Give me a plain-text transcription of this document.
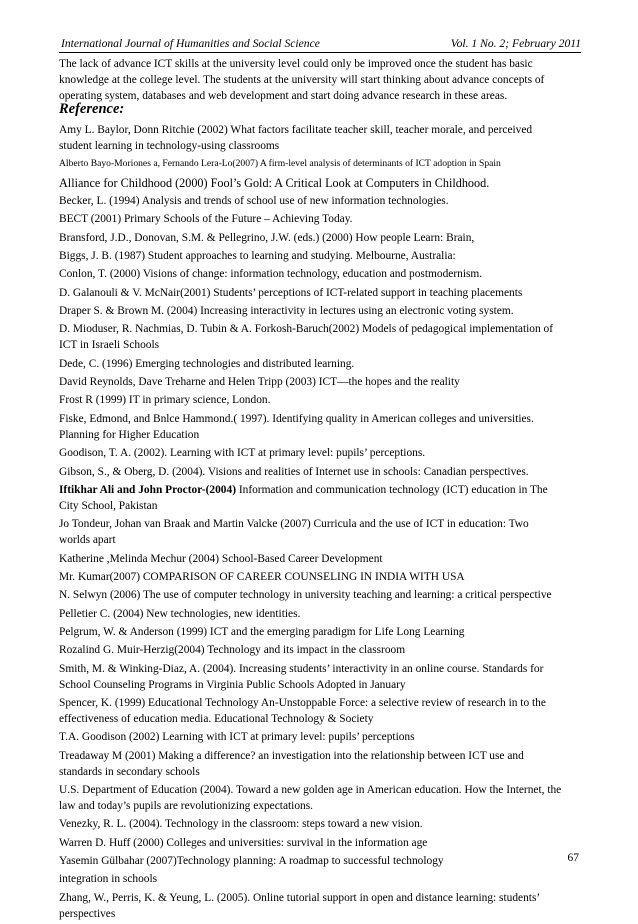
International Journal of Humanities and Social Science	Vol. 1 No. 2; February 2011
The lack of advance ICT skills at the university level could only be improved once the student has basic
knowledge at the college level. The students at the university will start thinking about advance concepts of
operating system, databases and web development and start doing advance research in these areas.
Reference:
Amy L. Baylor, Donn Ritchie (2002) What factors facilitate teacher skill, teacher morale, and perceived
student learning in technology-using classrooms
Alberto Bayo-Moriones a, Fernando Lera-Lo(2007) A firm-level analysis of determinants of ICT adoption in Spain
Alliance for Childhood (2000) Fool’s Gold: A Critical Look at Computers in Childhood.
Becker, L. (1994) Analysis and trends of school use of new information technologies.
BECT (2001) Primary Schools of the Future – Achieving Today.
Bransford, J.D., Donovan, S.M. & Pellegrino, J.W. (eds.) (2000) How people Learn: Brain,
Biggs, J. B. (1987) Student approaches to learning and studying. Melbourne, Australia:
Conlon, T. (2000) Visions of change: information technology, education and postmodernism.
D. Galanouli & V. McNair(2001) Students’ perceptions of ICT-related support in teaching placements
Draper S. & Brown M. (2004) Increasing interactivity in lectures using an electronic voting system.
D. Mioduser, R. Nachmias, D. Tubin & A. Forkosh-Baruch(2002) Models of pedagogical implementation of
ICT in Israeli Schools
Dede, C. (1996) Emerging technologies and distributed learning.
David Reynolds, Dave Treharne and Helen Tripp (2003) ICT—the hopes and the reality
Frost R (1999) IT in primary science, London.
Fiske, Edmond, and Bnlce Hammond.( 1997). Identifying quality in American colleges and universities.
Planning for Higher Education
Goodison, T. A. (2002). Learning with ICT at primary level: pupils’ perceptions.
Gibson, S., & Oberg, D. (2004). Visions and realities of Internet use in schools: Canadian perspectives.
Iftikhar Ali and John Proctor-(2004) Information and communication technology (ICT) education in The
City School, Pakistan
Jo Tondeur, Johan van Braak and Martin Valcke (2007) Curricula and the use of ICT in education: Two
worlds apart
Katherine ,Melinda Mechur (2004) School-Based Career Development
Mr. Kumar(2007) COMPARISON OF CAREER COUNSELING IN INDIA WITH USA
N. Selwyn (2006) The use of computer technology in university teaching and learning: a critical perspective
Pelletier C. (2004) New technologies, new identities.
Pelgrum, W. & Anderson (1999) ICT and the emerging paradigm for Life Long Learning
Rozalind G. Muir-Herzig(2004) Technology and its impact in the classroom
Smith, M. & Winking-Diaz, A. (2004). Increasing students’ interactivity in an online course. Standards for
School Counseling Programs in Virginia Public Schools Adopted in January
Spencer, K. (1999) Educational Technology An-Unstoppable Force: a selective review of research in to the
effectiveness of education media. Educational Technology & Society
T.A. Goodison (2002) Learning with ICT at primary level: pupils’ perceptions
Treadaway M (2001) Making a difference? an investigation into the relationship between ICT use and
standards in secondary schools
U.S. Department of Education (2004). Toward a new golden age in American education. How the Internet, the
law and today’s pupils are revolutionizing expectations.
Venezky, R. L. (2004). Technology in the classroom: steps toward a new vision.
Warren D. Huff (2000) Colleges and universities: survival in the information age
Yasemin Gülbahar (2007)Technology planning: A roadmap to successful technology
integration in schools
Zhang, W., Perris, K. & Yeung, L. (2005). Online tutorial support in open and distance learning: students’
perspectives
67
